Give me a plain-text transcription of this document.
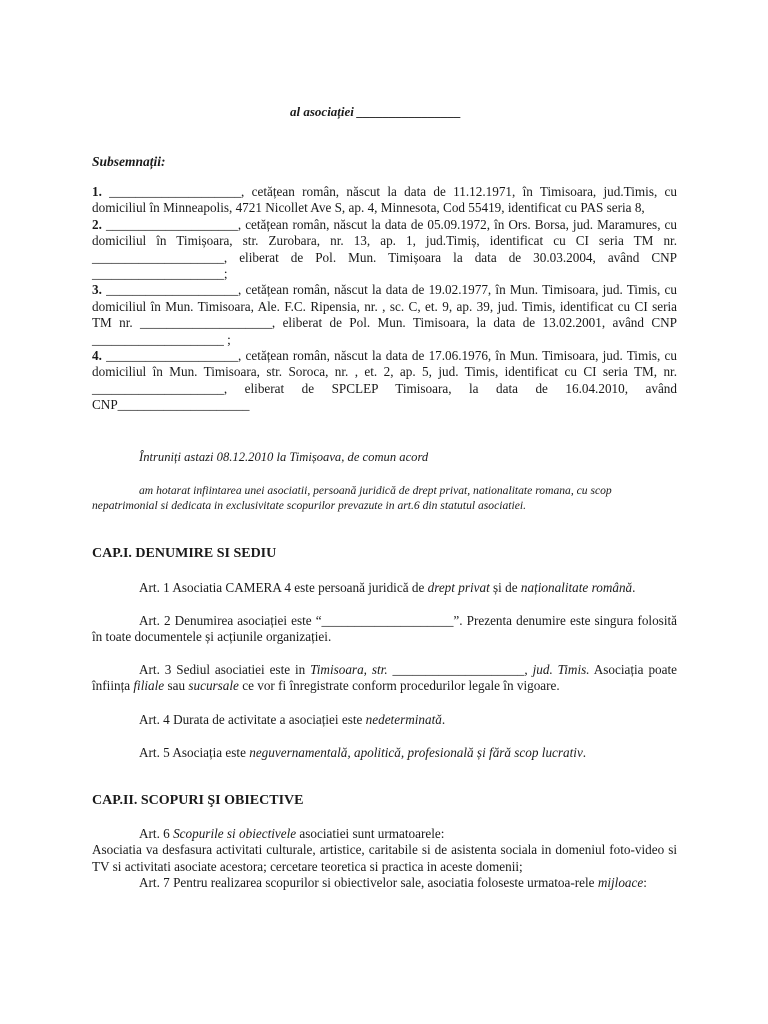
al asociației ________________
Subsemnații:
1. ____________________, cetățean român, născut la data de 11.12.1971, în Timisoara, jud.Timis, cu domiciliul în Minneapolis, 4721 Nicollet Ave S, ap. 4, Minnesota, Cod 55419, identificat cu PAS seria 8,
2. ____________________, cetățean român, născut la data de 05.09.1972, în Ors. Borsa, jud. Maramures, cu domiciliul în Timișoara, str. Zurobara, nr. 13, ap. 1, jud.Timiș, identificat cu CI seria TM nr. ____________________, eliberat de Pol. Mun. Timișoara la data de 30.03.2004, având CNP ____________________;
3. ____________________, cetățean român, născut la data de 19.02.1977, în Mun. Timisoara, jud. Timis, cu domiciliul în Mun. Timisoara, Ale. F.C. Ripensia, nr. , sc. C, et. 9, ap. 39, jud. Timis, identificat cu CI seria TM nr. ____________________, eliberat de Pol. Mun. Timisoara, la data de 13.02.2001, având CNP ____________________ ;
4. ____________________, cetățean român, născut la data de 17.06.1976, în Mun. Timisoara, jud. Timis, cu domiciliul în Mun. Timisoara, str. Soroca, nr. , et. 2, ap. 5, jud. Timis, identificat cu CI seria TM, nr. ____________________, eliberat de SPCLEP Timisoara, la data de 16.04.2010, având CNP____________________
Întruniți astazi 08.12.2010 la Timișoava, de comun acord
am hotarat infiintarea unei asociatii, persoană juridică de drept privat, nationalitate romana, cu scop
nepatrimonial si dedicata in exclusivitate scopurilor prevazute in art.6 din statutul asociatiei.
CAP.I. DENUMIRE SI SEDIU
Art. 1 Asociatia CAMERA 4 este persoană juridică de drept privat și de naționalitate română.
Art. 2 Denumirea asociației este “____________________”. Prezenta denumire este singura folosită în toate documentele și acțiunile organizației.
Art. 3 Sediul asociatiei este in Timisoara, str. ____________________, jud. Timis. Asociația poate înființa filiale sau sucursale ce vor fi înregistrate conform procedurilor legale în vigoare.
Art. 4 Durata de activitate a asociației este nedeterminată.
Art. 5 Asociația este neguvernamentală, apolitică, profesională și fără scop lucrativ.
CAP.II. SCOPURI ŞI OBIECTIVE
Art. 6 Scopurile si obiectivele asociatiei sunt urmatoarele:
Asociatia va desfasura activitati culturale, artistice, caritabile si de asistenta sociala in domeniul foto-video si TV si activitati asociate acestora; cercetare teoretica si practica in aceste domenii;
Art. 7 Pentru realizarea scopurilor si obiectivelor sale, asociatia foloseste urmatoa-rele mijloace:
